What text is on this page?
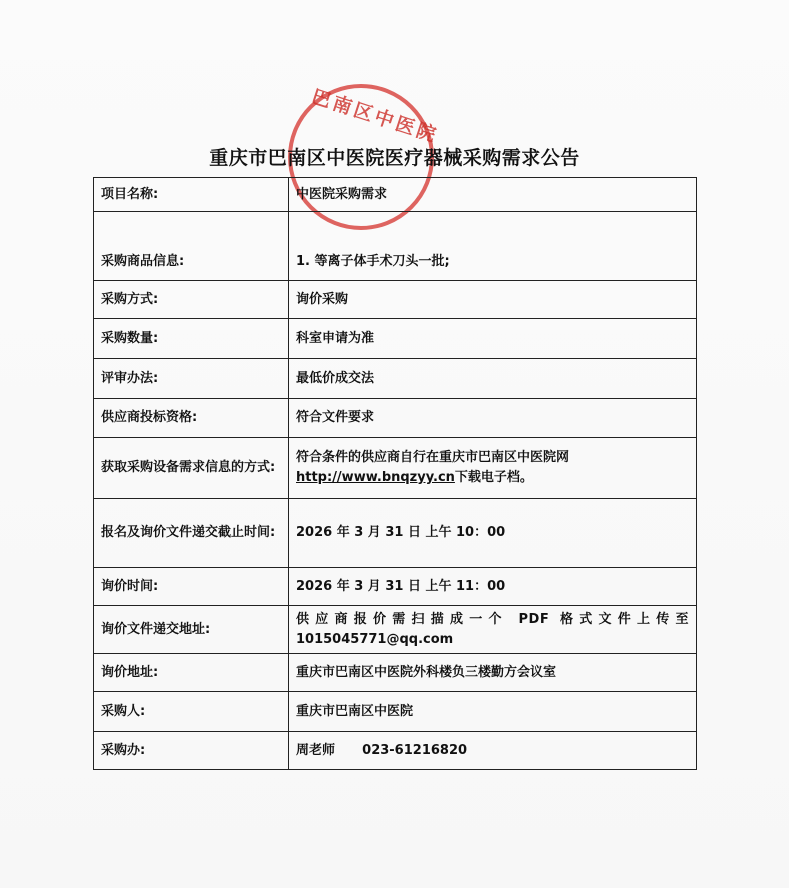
巴南区中医院
重庆市巴南区中医院医疗器械采购需求公告
项目名称:	中医院采购需求
采购商品信息:	1. 等离子体手术刀头一批;
采购方式:	询价采购
采购数量:	科室申请为准
评审办法:	最低价成交法
供应商投标资格:	符合文件要求
获取采购设备需求信息的方式:	符合条件的供应商自行在重庆市巴南区中医院网
http://www.bnqzyy.cn下载电子档。

报名及询价文件递交截止时间:	2026 年 3 月 31 日 上午 10：00
询价时间:	2026 年 3 月 31 日 上午 11：00
询价文件递交地址:	供应商报价需扫描成一个 PDF 格式文件上传至
1015045771@qq.com

询价地址:	重庆市巴南区中医院外科楼负三楼勤方会议室
采购人:	重庆市巴南区中医院
采购办:	周老师      023-61216820
